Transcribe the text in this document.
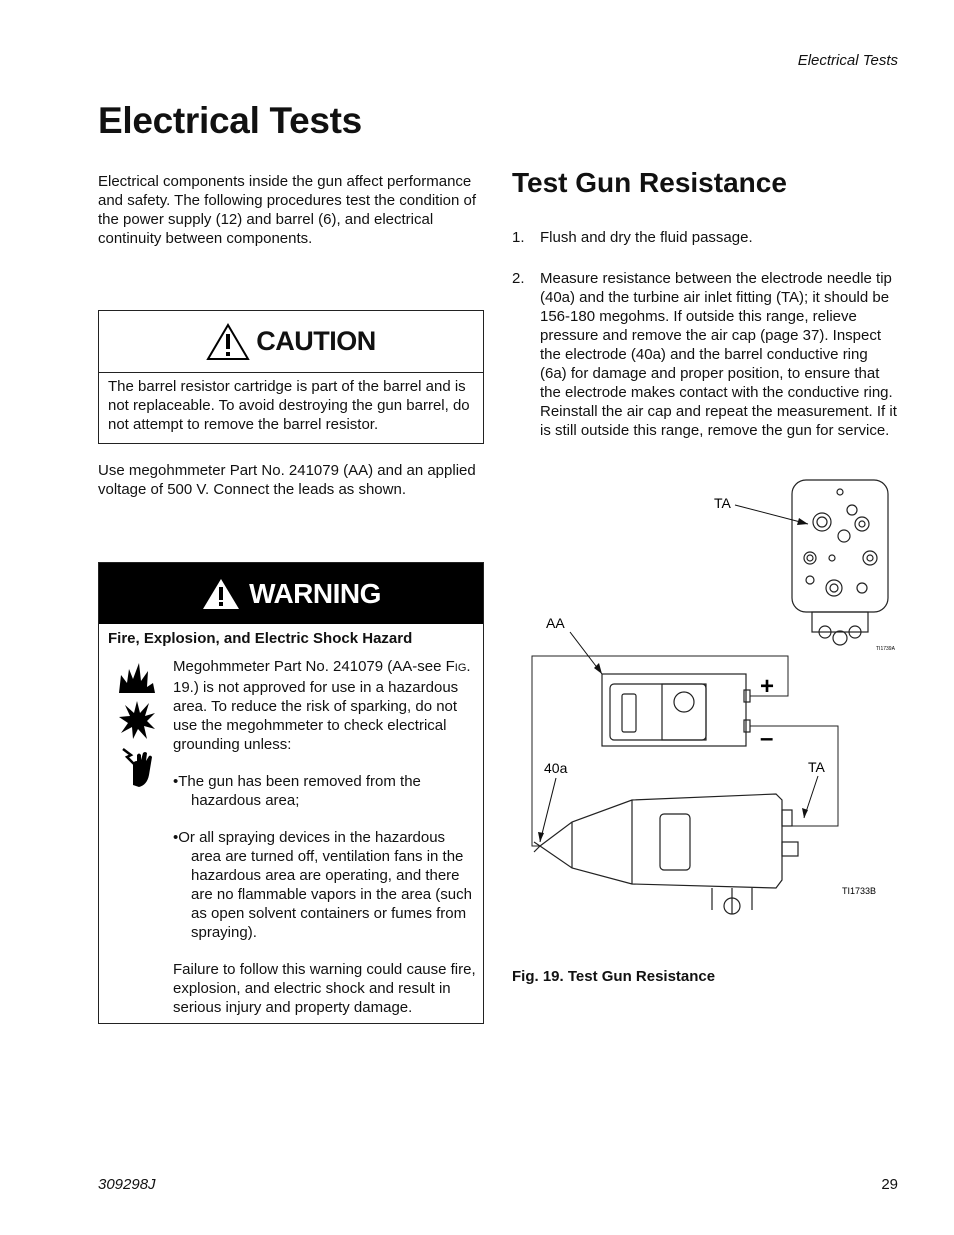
Electrical Tests
Electrical Tests

Electrical components inside the gun affect performance and safety. The following procedures test the condition of the power supply (12) and barrel (6), and electrical continuity between components.

CAUTION
The barrel resistor cartridge is part of the barrel and is not replaceable. To avoid destroying the gun barrel, do not attempt to remove the barrel resistor.

Use megohmmeter Part No. 241079 (AA) and an applied voltage of 500 V. Connect the leads as shown.

WARNING
Fire, Explosion, and Electric Shock Hazard

Megohmmeter Part No. 241079 (AA-see FIG. 19.) is not approved for use in a hazardous area. To reduce the risk of sparking, do not use the megohmmeter to check electrical grounding unless:

•The gun has been removed from the hazardous area;

•Or all spraying devices in the hazardous area are turned off, ventilation fans in the hazardous area are operating, and there are no flammable vapors in the area (such as open solvent containers or fumes from spraying).

Failure to follow this warning could cause fire, explosion, and electric shock and result in serious injury and property damage.

Test Gun Resistance
1. Flush and dry the fluid passage.
2. Measure resistance between the electrode needle tip (40a) and the turbine air inlet fitting (TA); it should be 156-180 megohms. If outside this range, relieve pressure and remove the air cap (page 37). Inspect the electrode (40a) and the barrel conductive ring (6a) for damage and proper position, to ensure that the electrode makes contact with the conductive ring. Reinstall the air cap and repeat the measurement. If it is still outside this range, remove the gun for service.
TA
AA
+
–
40a	TA
TI1739A
TI1733B
Fig. 19. Test Gun Resistance
309298J	29
